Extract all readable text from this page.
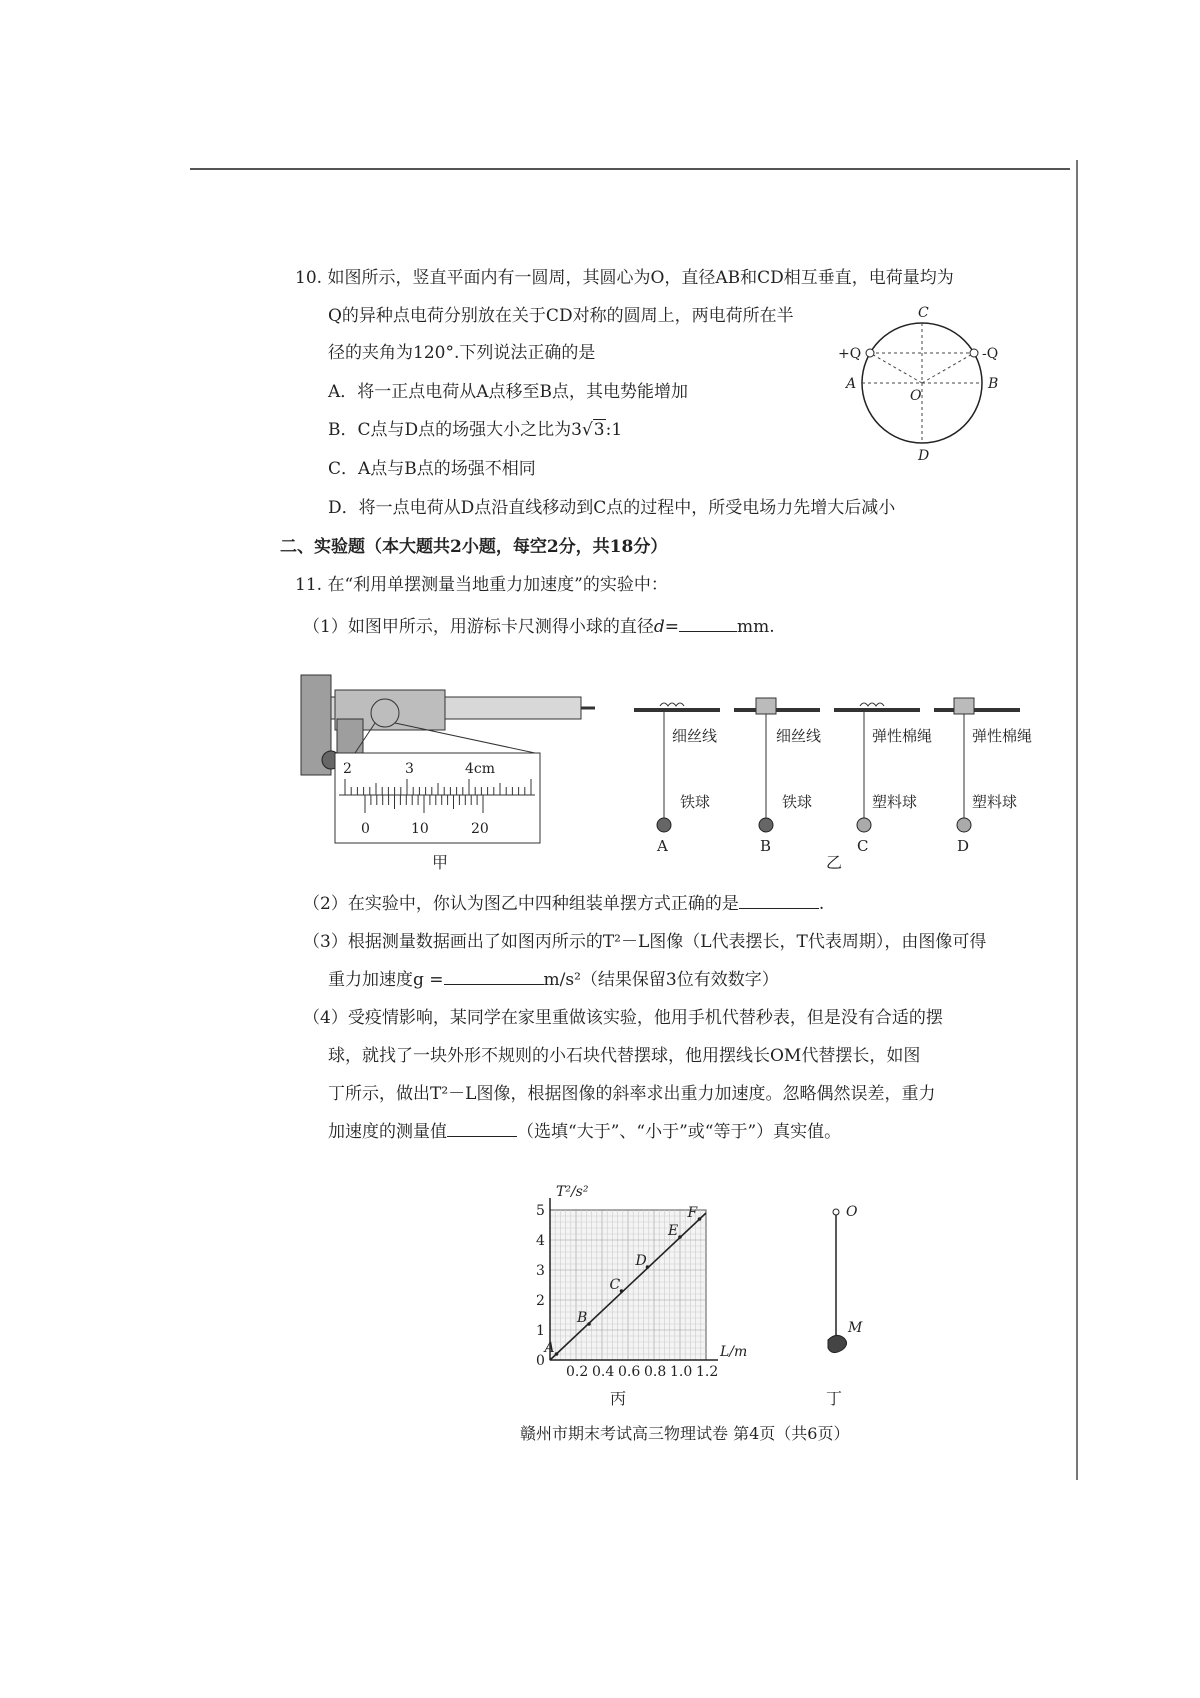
10. 如图所示，竖直平面内有一圆周，其圆心为O，直径AB和CD相互垂直，电荷量均为
Q的异种点电荷分别放在关于CD对称的圆周上，两电荷所在半
径的夹角为120°.下列说法正确的是
A．将一正点电荷从A点移至B点，其电势能增加
B．C点与D点的场强大小之比为3√3:1
C．A点与B点的场强不相同
D．将一点电荷从D点沿直线移动到C点的过程中，所受电场力先增大后减小
C
D
A	B
O
+Q	-Q
二、实验题（本大题共2小题，每空2分，共18分）
11. 在“利用单摆测量当地重力加速度”的实验中：
（1）如图甲所示，用游标卡尺测得小球的直径d=	mm.
2	3	4cm
0	10	20
甲
细丝线
铁球
A
细丝线
铁球
B
弹性棉绳
塑料球
C
弹性棉绳
塑料球
D
乙
（2）在实验中，你认为图乙中四种组装单摆方式正确的是	.
（3）根据测量数据画出了如图丙所示的T²－L图像（L代表摆长，T代表周期），由图像可得
重力加速度g =	m/s²（结果保留3位有效数字）
（4）受疫情影响，某同学在家里重做该实验，他用手机代替秒表，但是没有合适的摆
球，就找了一块外形不规则的小石块代替摆球，他用摆线长OM代替摆长，如图
丁所示，做出T²－L图像，根据图像的斜率求出重力加速度。忽略偶然误差，重力
加速度的测量值	（选填“大于”、“小于”或“等于”）真实值。
A
B
C
D
E
F
0.2 0.4 0.6 0.8 1.0 1.2
0
1
2
3
4
5
L/m
T²/s²
丙
O
M
丁
赣州市期末考试高三物理试卷 第4页（共6页）
